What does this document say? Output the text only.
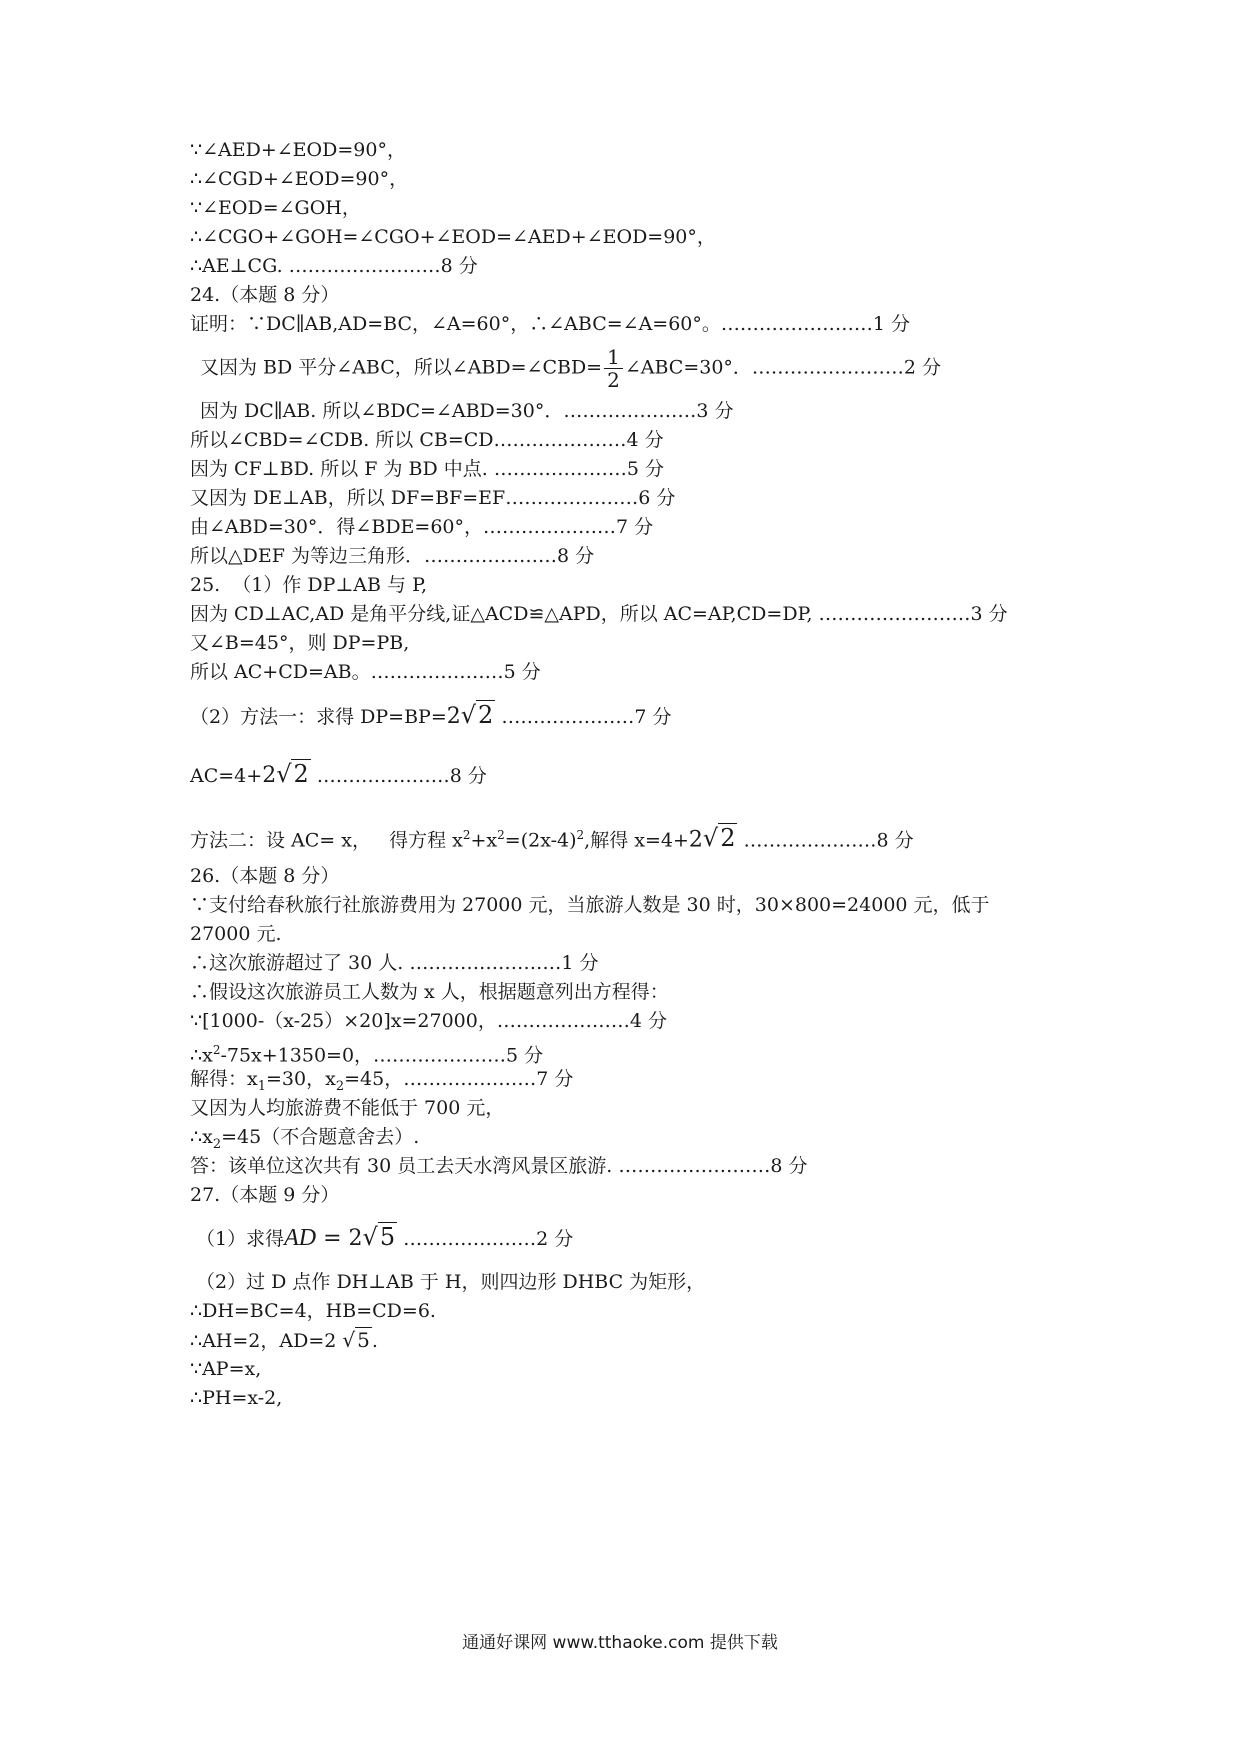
∵∠AED+∠EOD=90°，
∴∠CGD+∠EOD=90°，
∵∠EOD=∠GOH，
∴∠CGO+∠GOH=∠CGO+∠EOD=∠AED+∠EOD=90°，
∴AE⊥CG. ……………………8 分
24.（本题 8 分）
证明：∵DC∥AB,AD=BC，∠A=60°，∴∠ABC=∠A=60°。……………………1 分
又因为 BD 平分∠ABC，所以∠ABD=∠CBD= $\frac{1}{2}$ ∠ABC=30°．……………………2 分
因为 DC∥AB. 所以∠BDC=∠ABD=30°．…………………3 分
所以∠CBD=∠CDB. 所以 CB=CD…………………4 分
因为 CF⊥BD. 所以 F 为 BD 中点. …………………5 分
又因为 DE⊥AB，所以 DF=BF=EF…………………6 分
由∠ABD=30°．得∠BDE=60°，…………………7 分
所以△DEF 为等边三角形．…………………8 分
25.  （1）作 DP⊥AB 与 P,
因为 CD⊥AC,AD 是角平分线,证△ACD≌△APD，所以 AC=AP,CD=DP, ……………………3 分
又∠B=45°，则 DP=PB,
所以 AC+CD=AB。…………………5 分
（2）方法一：求得 DP=BP=2√2 …………………7 分
AC=4+2√2 …………………8 分
方法二：设 AC= x，   得方程 $x^2+x^2=(2x-4)^2$,解得 x=4+2√2 …………………8 分
26.（本题 8 分）
∵支付给春秋旅行社旅游费用为 27000 元，当旅游人数是 30 时，30×800=24000 元，低于
27000 元.
∴这次旅游超过了 30 人. ……………………1 分
∴假设这次旅游员工人数为 x 人，根据题意列出方程得：
∵[1000-（x-25）×20]x=27000，…………………4 分
$\therefore x^2-75x+1350=0$，…………………5 分
解得：$x_1=30$，$x_2=45$，…………………7 分
又因为人均旅游费不能低于 700 元，
$\therefore x_2=45$（不合题意舍去）.
答：该单位这次共有 30 员工去天水湾风景区旅游. ……………………8 分
27.（本题 9 分）
（1）求得AD = 2√5 …………………2 分
（2）过 D 点作 DH⊥AB 于 H，则四边形 DHBC 为矩形，
∴DH=BC=4，HB=CD=6.
∴AH=2，AD=2 √ 5 .
∵AP=x,
∴PH=x-2,
通通好课网 www.tthaoke.com 提供下载
